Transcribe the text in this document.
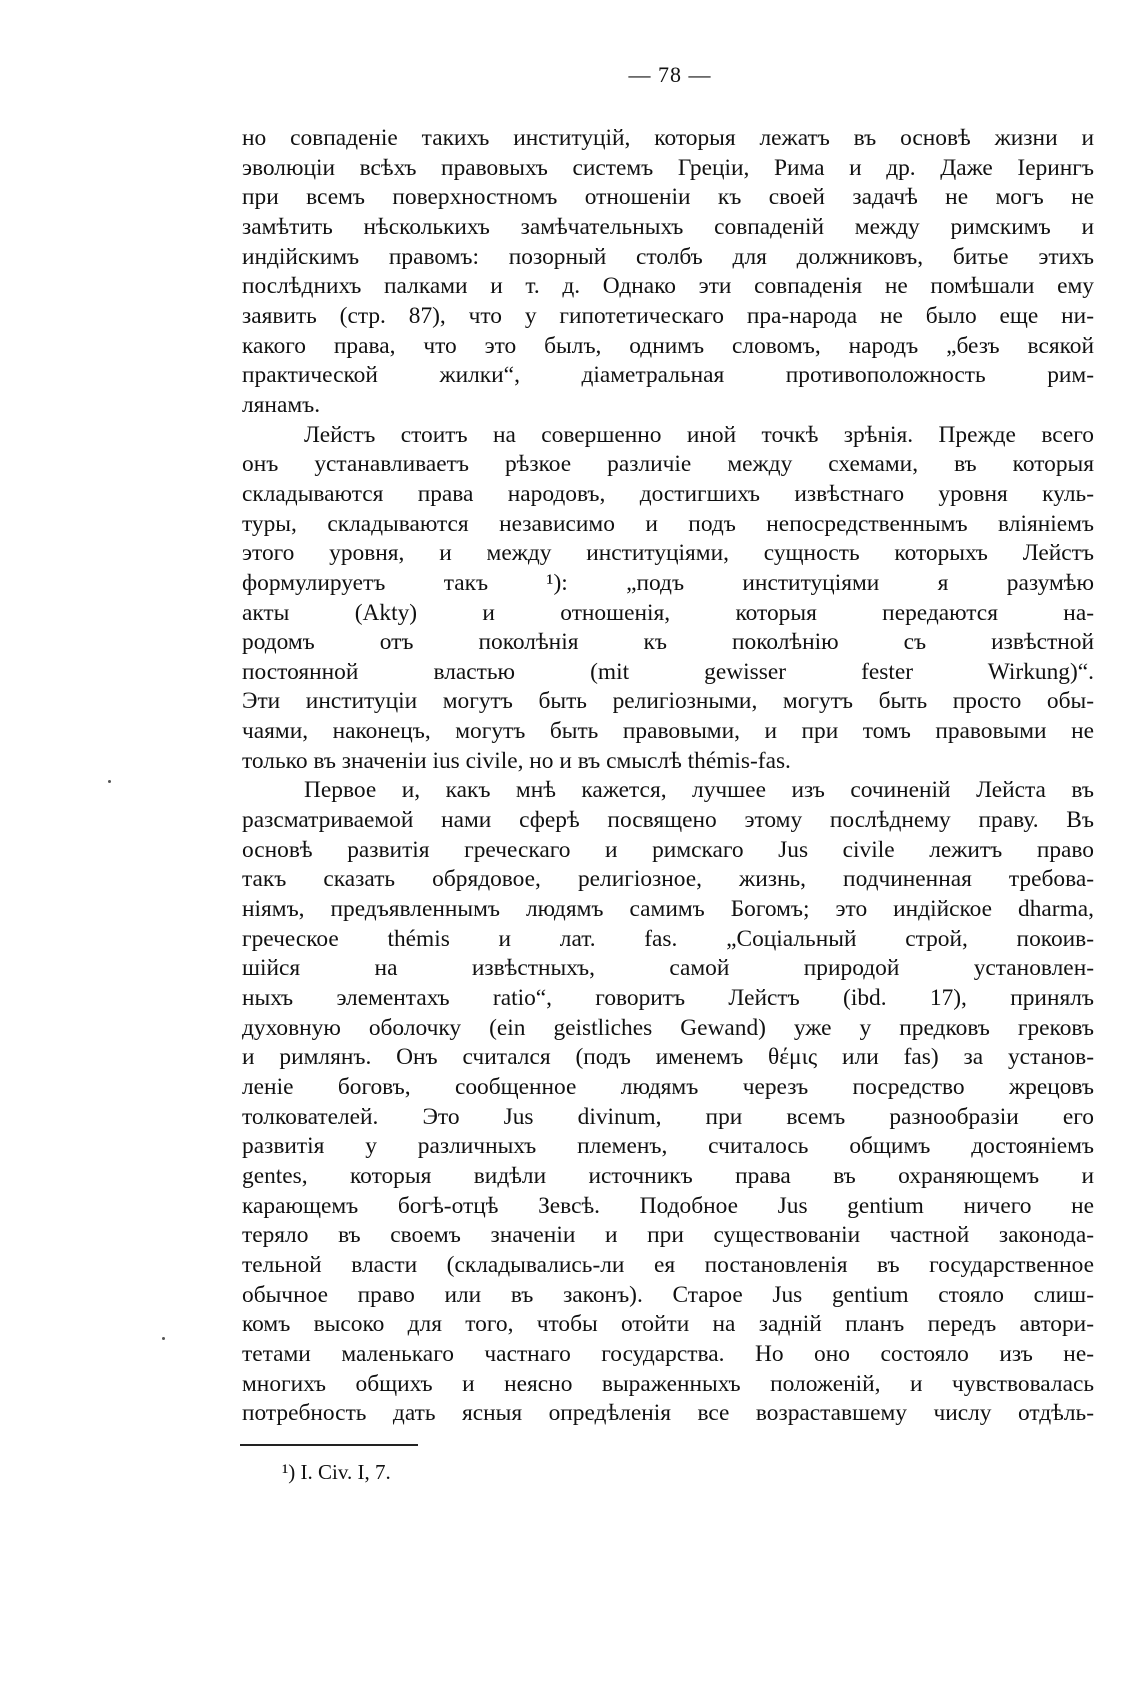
— 78 —
но совпаденіе такихъ институцій, которыя лежатъ въ основѣ жизни и
эволюціи всѣхъ правовыхъ системъ Греціи, Рима и др. Даже Іерингъ
при всемъ поверхностномъ отношеніи къ своей задачѣ не могъ не
замѣтить нѣсколькихъ замѣчательныхъ совпаденій между римскимъ и
индійскимъ правомъ: позорный столбъ для должниковъ, битье этихъ
послѣднихъ палками и т. д. Однако эти совпаденія не помѣшали ему
заявить (стр. 87), что у гипотетическаго пра-народа не было еще ни-
какого права, что это былъ, однимъ словомъ, народъ „безъ всякой
практической жилки“, діаметральная противоположность рим-
лянамъ.
Лейстъ стоитъ на совершенно иной точкѣ зрѣнія. Прежде всего
онъ устанавливаетъ рѣзкое различіе между схемами, въ которыя
складываются права народовъ, достигшихъ извѣстнаго уровня куль-
туры, складываются независимо и подъ непосредственнымъ вліяніемъ
этого уровня, и между институціями, сущность которыхъ Лейстъ
формулируетъ такъ ¹): „подъ институціями я разумѣю
акты (Akty) и отношенія, которыя передаются на-
родомъ отъ поколѣнія къ поколѣнію съ извѣстной
постоянной властью (mit gewisser fester Wirkung)“.
Эти институціи могутъ быть религіозными, могутъ быть просто обы-
чаями, наконецъ, могутъ быть правовыми, и при томъ правовыми не
только въ значеніи ius civile, но и въ смыслѣ thémis-fas.
Первое и, какъ мнѣ кажется, лучшее изъ сочиненій Лейста въ
разсматриваемой нами сферѣ посвящено этому послѣднему праву. Въ
основѣ развитія греческаго и римскаго Jus civile лежитъ право
такъ сказать обрядовое, религіозное, жизнь, подчиненная требова-
ніямъ, предъявленнымъ людямъ самимъ Богомъ; это индійское dharma,
греческое thémis и лат. fas. „Соціальный строй, покоив-
шійся на извѣстныхъ, самой природой установлен-
ныхъ элементахъ ratio“, говоритъ Лейстъ (ibd. 17), принялъ
духовную оболочку (ein geistliches Gewand) уже у предковъ грековъ
и римлянъ. Онъ считался (подъ именемъ θέμις или fas) за установ-
леніе боговъ, сообщенное людямъ черезъ посредство жрецовъ
толкователей. Это Jus divinum, при всемъ разнообразіи его
развитія у различныхъ племенъ, считалось общимъ достояніемъ
gentes, которыя видѣли источникъ права въ охраняющемъ и
карающемъ богѣ-отцѣ Зевсѣ. Подобное Jus gentium ничего не
теряло въ своемъ значеніи и при существованіи частной законода-
тельной власти (складывались-ли ея постановленія въ государственное
обычное право или въ законъ). Старое Jus gentium стояло слиш-
комъ высоко для того, чтобы отойти на задній планъ передъ автори-
тетами маленькаго частнаго государства. Но оно состояло изъ не-
многихъ общихъ и неясно выраженныхъ положеній, и чувствовалась
потребность дать ясныя опредѣленія все возраставшему числу отдѣль-
¹) I. Civ. I, 7.
